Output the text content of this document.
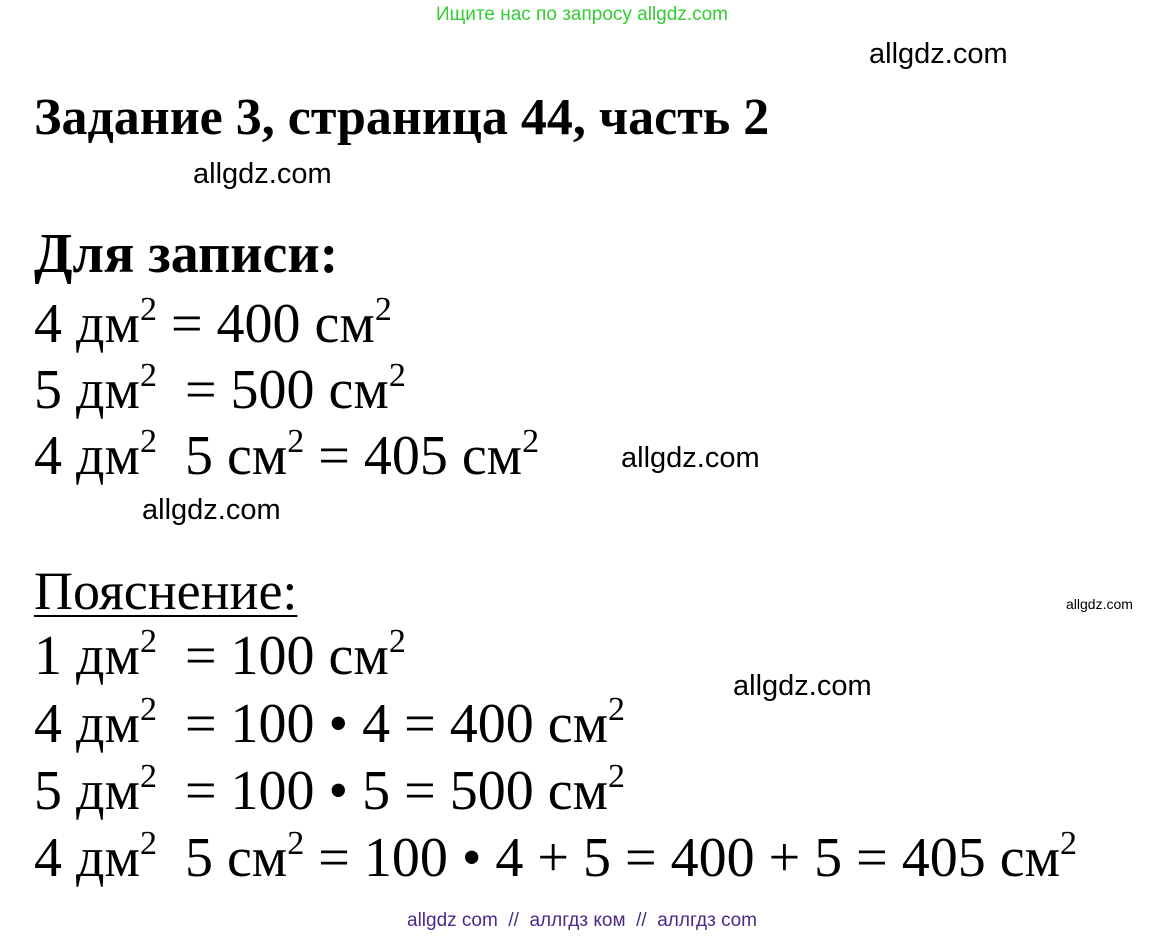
Ищите нас по запросу allgdz.com
allgdz.com
Задание 3, страница 44, часть 2
allgdz.com
Для записи:
4 $дм^2 = 400$ $см^2$
5 $дм^2 = 500$ $см^2$
4 $дм^2$  5 $см^2 = 405$ $см^2$	allgdz.com
allgdz.com
Пояснение:	allgdz.com
1 $дм^2 = 100$ $см^2$
allgdz.com
4 $дм^2 = 100$ • 4 = 400 $см^2$
5 $дм^2 = 100$ • 5 = 500 $см^2$
4 $дм^2$  5 $см^2 = 100$ • 4 + 5 = 400 + 5 = 405 $см^2$
allgdz com  //  аллгдз ком  //  аллгдз com
